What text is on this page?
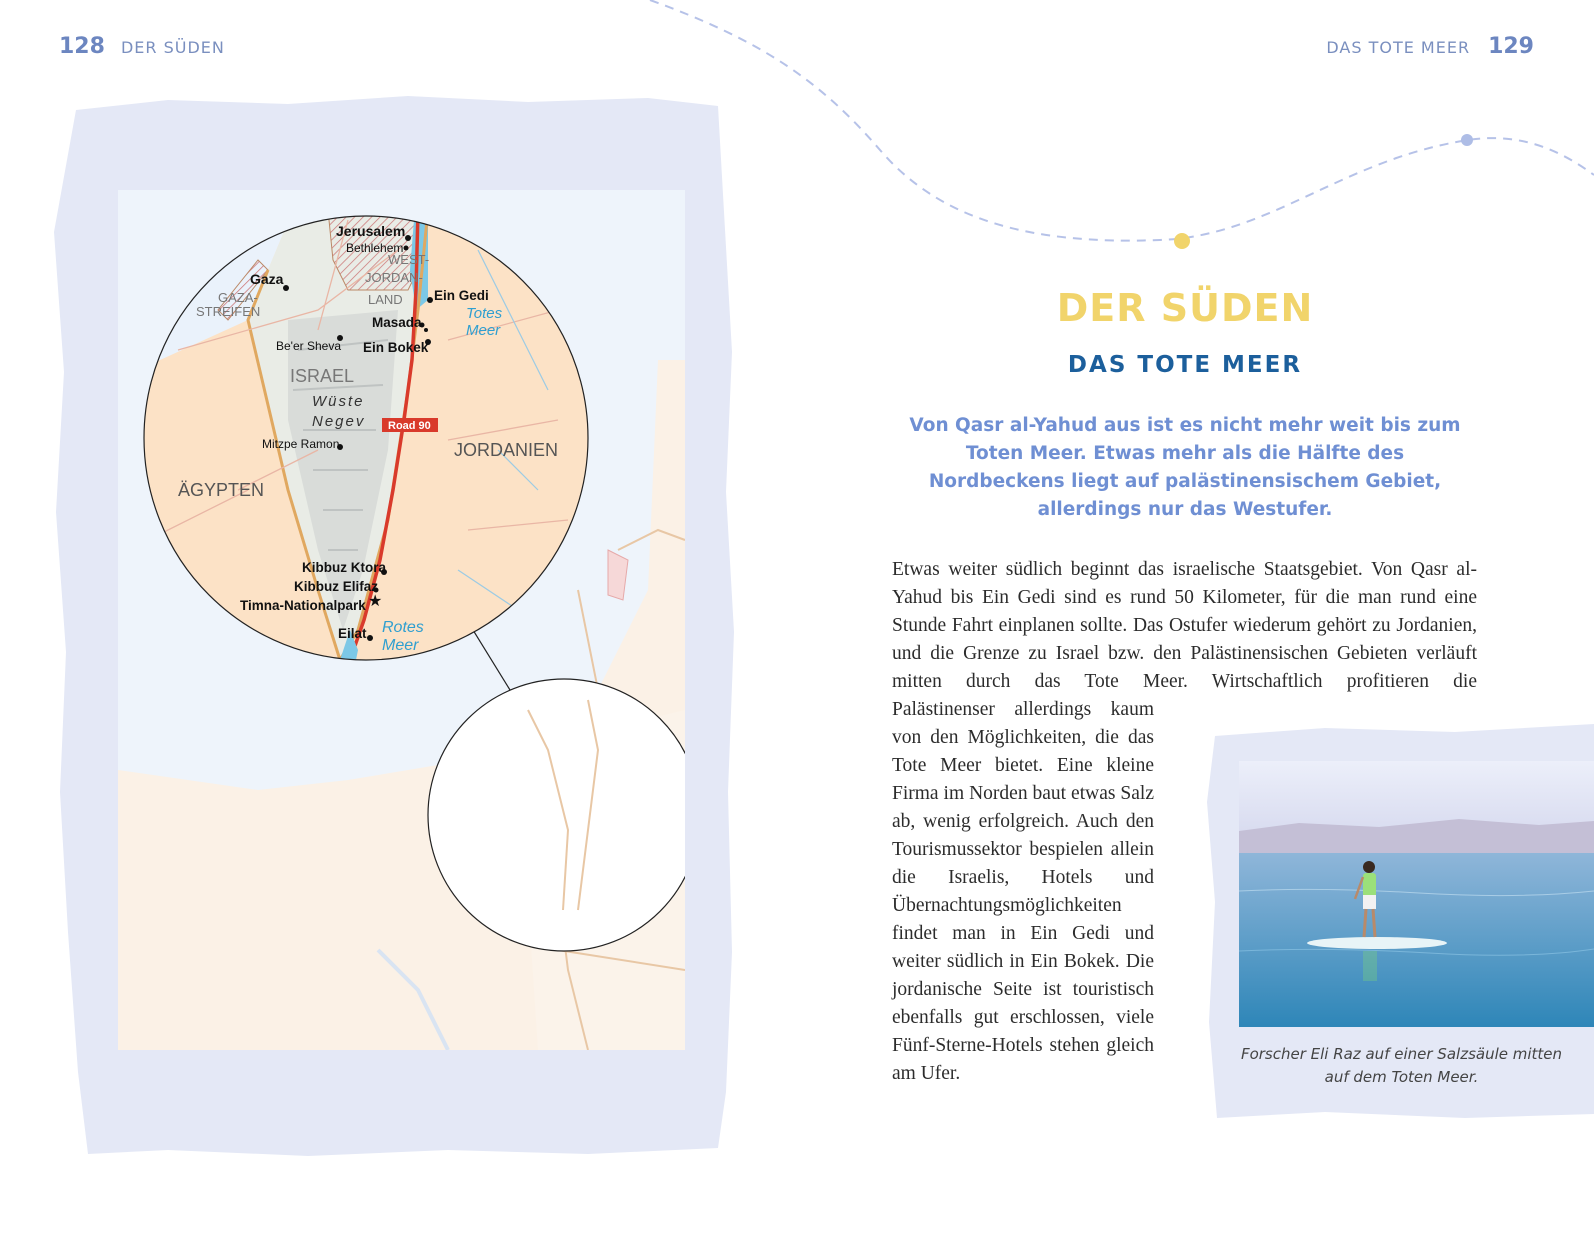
128 DER SÜDEN	DAS TOTE MEER 129
★
Jerusalem
Bethlehem
WEST-
JORDAN-
LAND
Gaza
GAZA-
STREIFEN
Ein Gedi
Masada
Totes
Meer
Be'er Sheva Ein Bokek
ISRAEL
Wüste
Negev Road 90
Mitzpe Ramon	JORDANIEN
ÄGYPTEN
Kibbuz Ktora
Kibbuz Elifaz
Timna-Nationalpark
Eilat Rotes
Meer
DER SÜDEN
DAS TOTE MEER

Von Qasr al-Yahud aus ist es nicht mehr weit bis zum Toten Meer. Etwas mehr als die Hälfte des Nordbeckens liegt auf palästinensischem Gebiet, allerdings nur das Westufer.

Etwas weiter südlich beginnt das israelische Staatsgebiet. Von Qasr al-Yahud bis Ein Gedi sind es rund 50 Kilometer, für die man rund eine Stunde Fahrt einplanen sollte. Das Ostufer wiederum gehört zu Jordanien, und die Grenze zu Israel bzw. den Palästinensischen Gebieten verläuft mitten durch das Tote Meer. Wirtschaftlich profitieren die

Palästinenser allerdings kaum von den Möglichkeiten, die das Tote Meer bietet. Eine kleine Firma im Norden baut etwas Salz ab, wenig erfolgreich. Auch den Tourismussektor bespielen allein die Israelis, Hotels und Übernachtungsmöglichkeiten findet man in Ein Gedi und weiter südlich in Ein Bokek. Die jordanische Seite ist touristisch ebenfalls gut erschlossen, viele Fünf-Sterne-Hotels stehen gleich am Ufer.

Forscher Eli Raz auf einer Salzsäule mitten auf dem Toten Meer.
